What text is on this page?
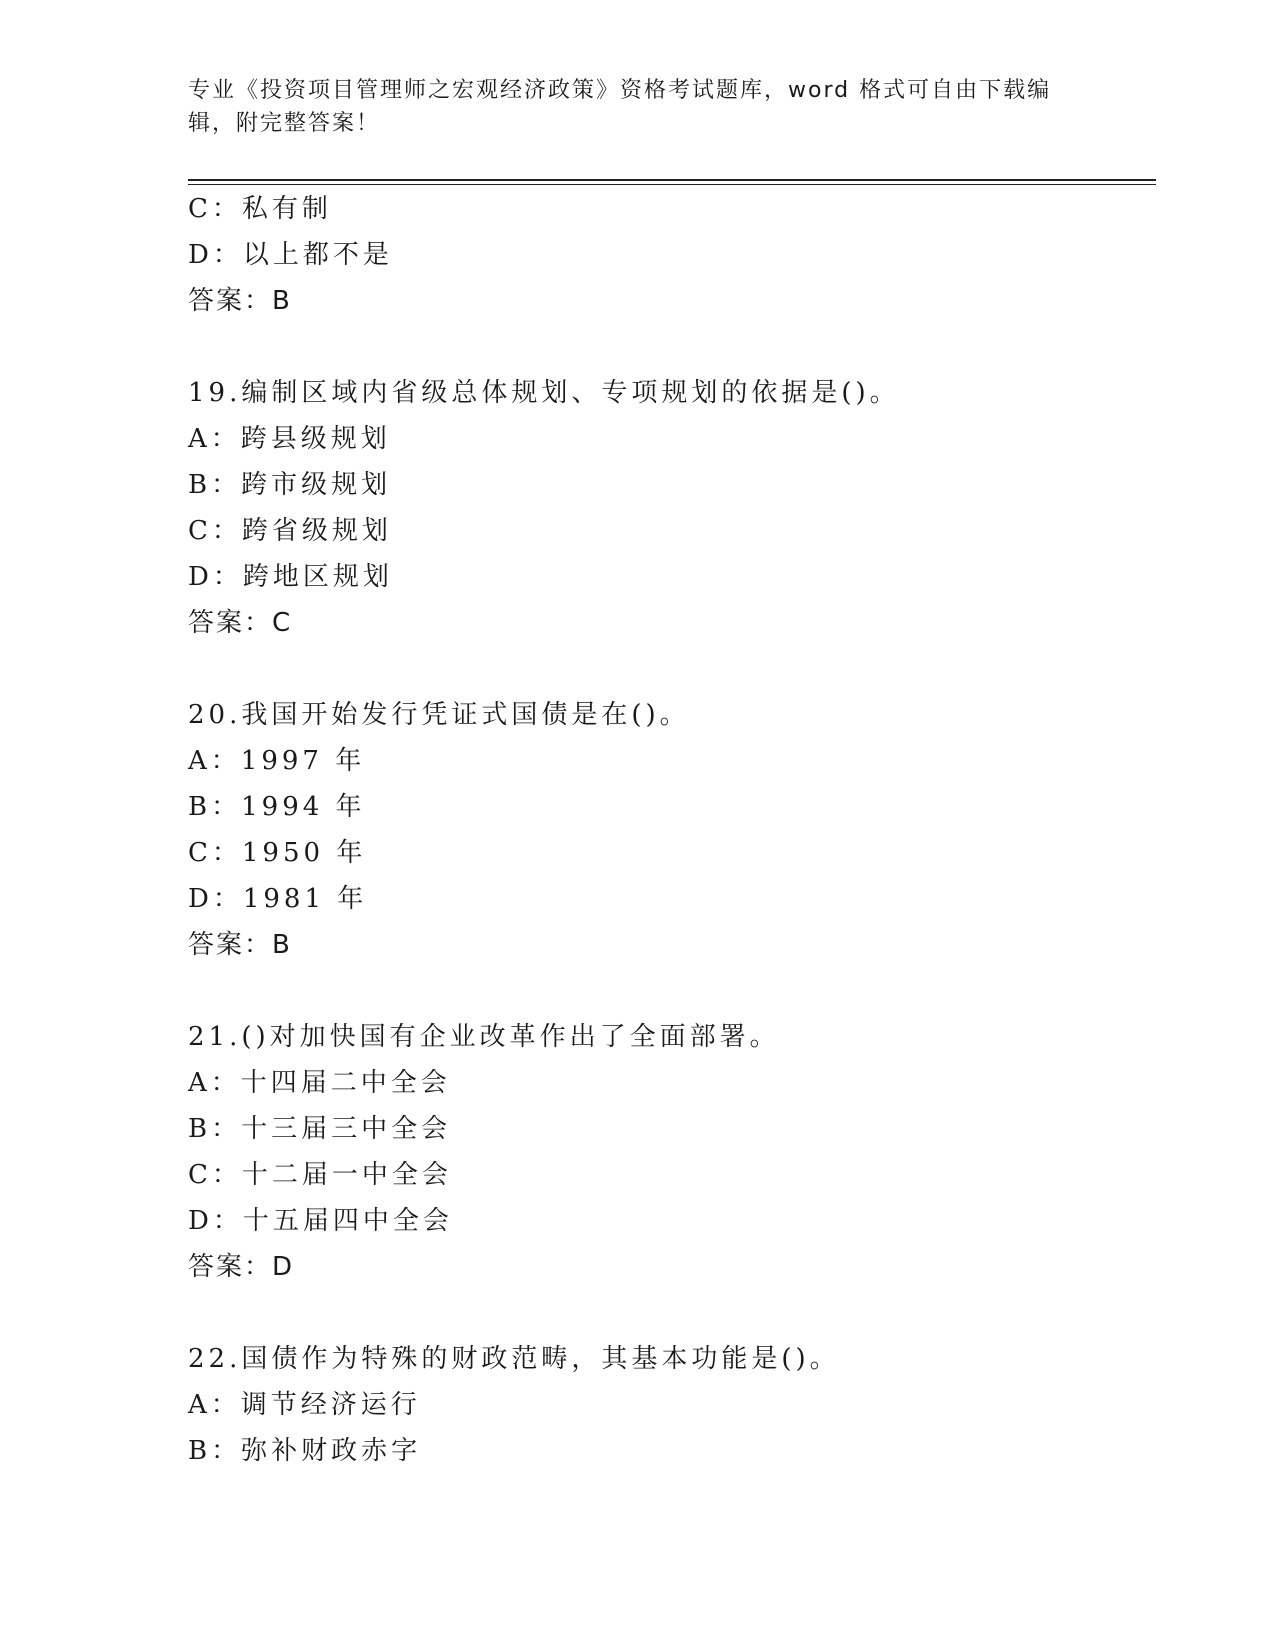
专业《投资项目管理师之宏观经济政策》资格考试题库，word 格式可自由下载编辑，附完整答案！
C：私有制
D：以上都不是
答案：B
19.编制区域内省级总体规划、专项规划的依据是()。
A：跨县级规划
B：跨市级规划
C：跨省级规划
D：跨地区规划
答案：C
20.我国开始发行凭证式国债是在()。
A：1997 年
B：1994 年
C：1950 年
D：1981 年
答案：B
21.()对加快国有企业改革作出了全面部署。
A：十四届二中全会
B：十三届三中全会
C：十二届一中全会
D：十五届四中全会
答案：D
22.国债作为特殊的财政范畴，其基本功能是()。
A：调节经济运行
B：弥补财政赤字
